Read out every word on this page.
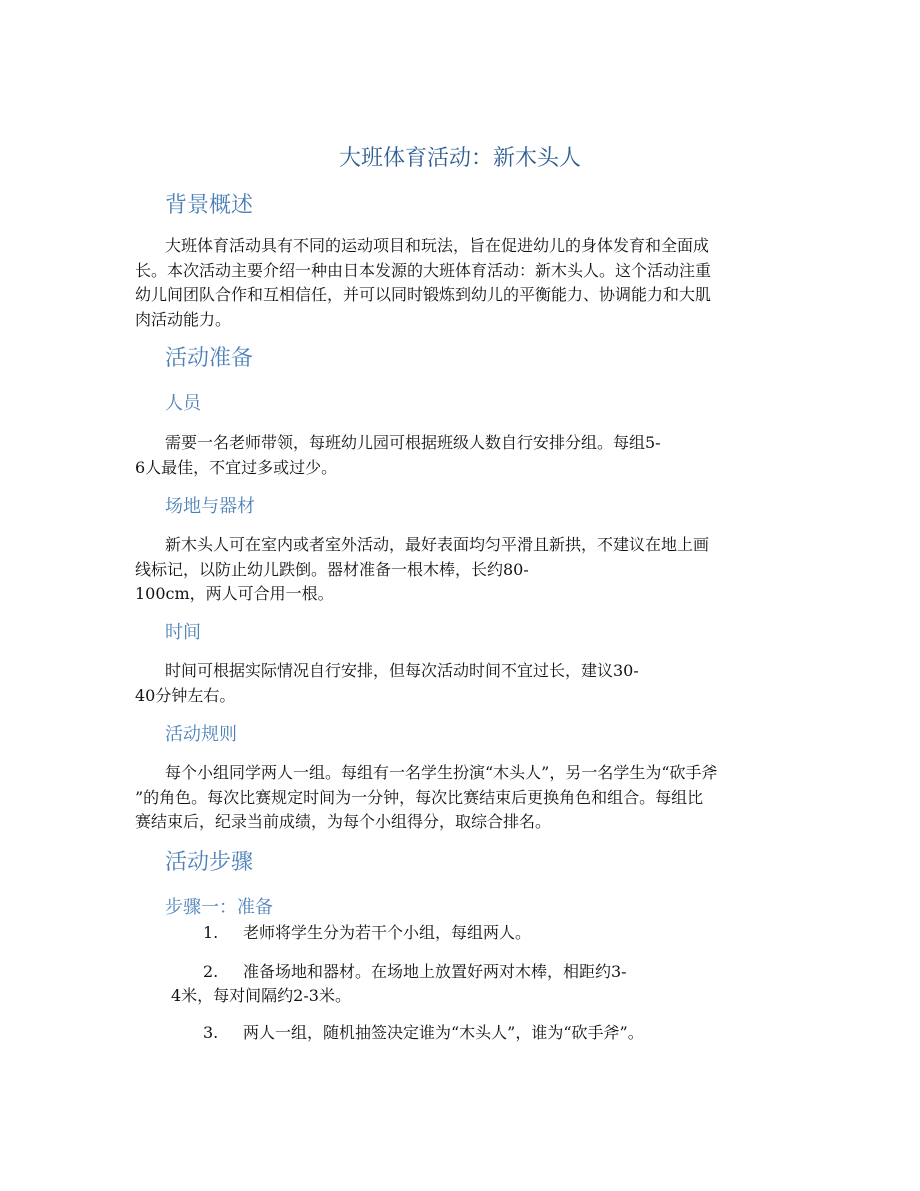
大班体育活动：新木头人
背景概述
大班体育活动具有不同的运动项目和玩法，旨在促进幼儿的身体发育和全面成
长。本次活动主要介绍一种由日本发源的大班体育活动：新木头人。这个活动注重
幼儿间团队合作和互相信任，并可以同时锻炼到幼儿的平衡能力、协调能力和大肌
肉活动能力。
活动准备
人员
需要一名老师带领，每班幼儿园可根据班级人数自行安排分组。每组5-
6人最佳，不宜过多或过少。
场地与器材
新木头人可在室内或者室外活动，最好表面均匀平滑且新拱，不建议在地上画
线标记，以防止幼儿跌倒。器材准备一根木棒，长约80-
100cm，两人可合用一根。
时间
时间可根据实际情况自行安排，但每次活动时间不宜过长，建议30-
40分钟左右。
活动规则
每个小组同学两人一组。每组有一名学生扮演“木头人”，另一名学生为“砍手斧
”的角色。每次比赛规定时间为一分钟，每次比赛结束后更换角色和组合。每组比
赛结束后，纪录当前成绩，为每个小组得分，取综合排名。
活动步骤
步骤一：准备
1. 老师将学生分为若干个小组，每组两人。
2. 准备场地和器材。在场地上放置好两对木棒，相距约3-
4米，每对间隔约2-3米。
3. 两人一组，随机抽签决定谁为“木头人”，谁为“砍手斧”。
